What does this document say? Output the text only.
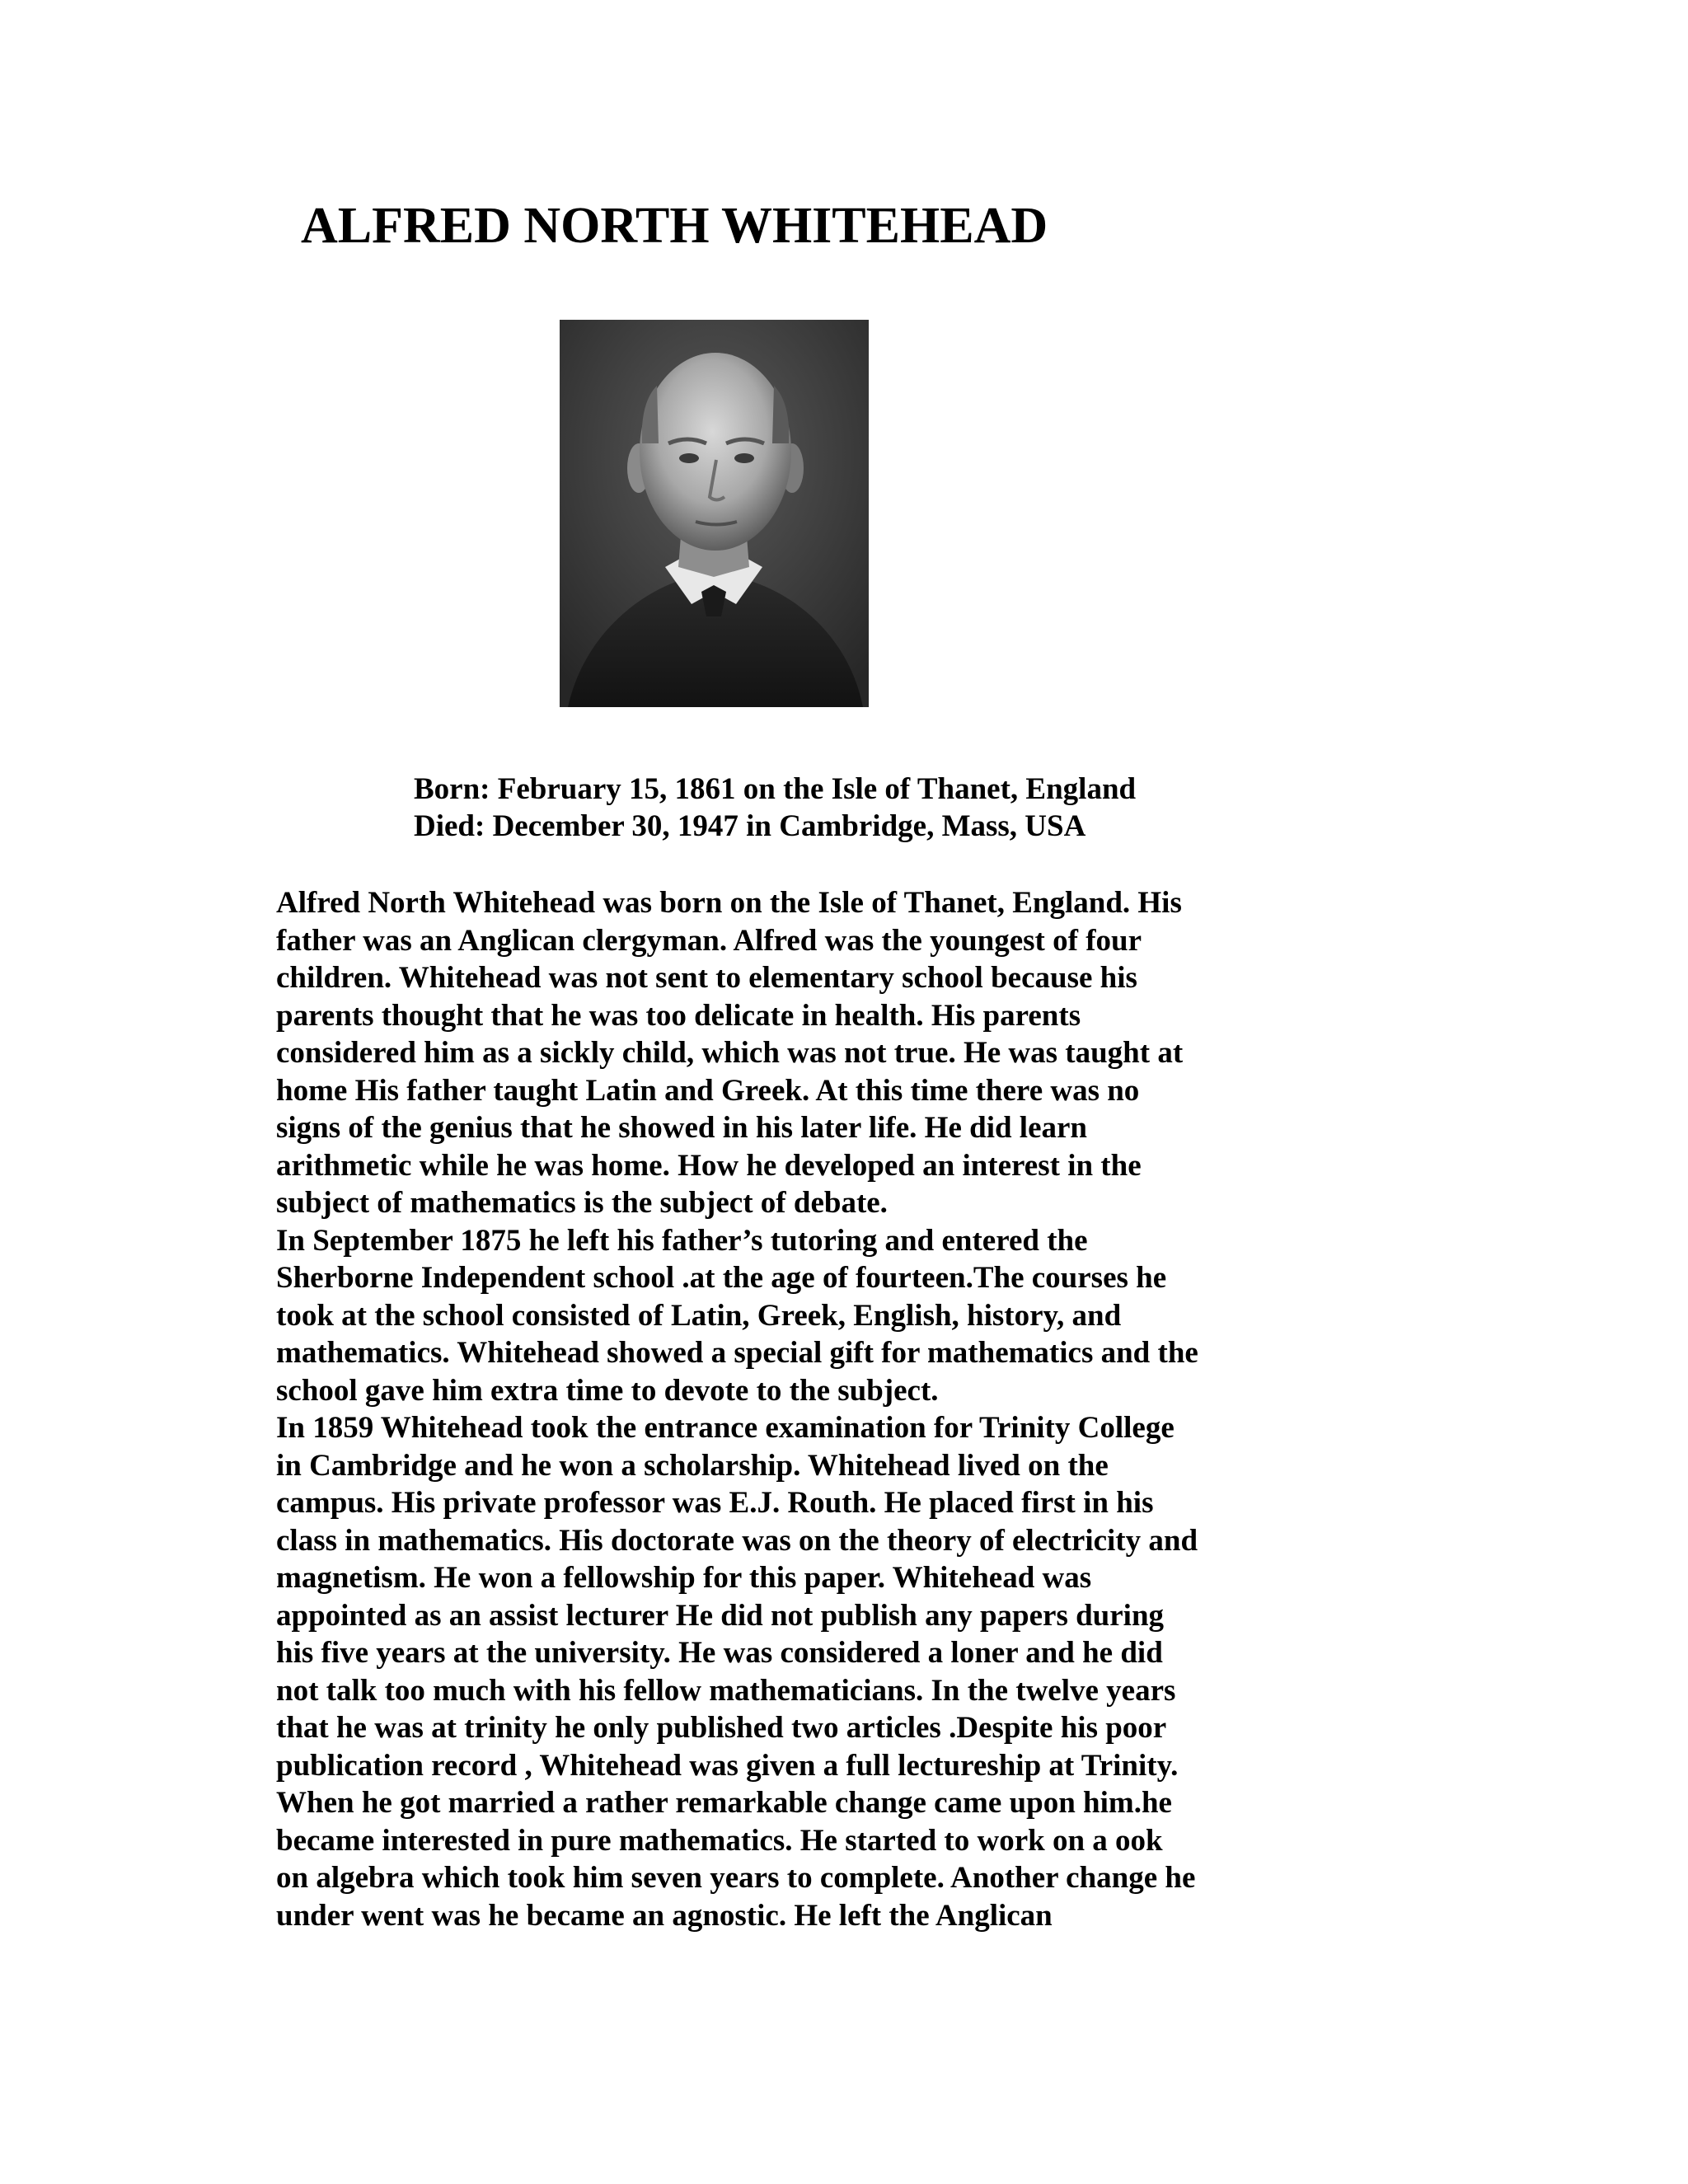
ALFRED NORTH WHITEHEAD
Born: February 15, 1861 on the Isle of Thanet, England
Died: December 30, 1947 in Cambridge, Mass, USA
Alfred North Whitehead was born on the Isle of Thanet, England. His
father was an Anglican clergyman. Alfred was the youngest of four
children. Whitehead was not sent to elementary school because his
parents thought that he was too delicate in health. His parents
considered him as a sickly child, which was not true. He was taught at
home His father taught Latin and Greek. At this time there was no
signs of the genius that he showed in his later life. He did learn
arithmetic while he was home. How he developed an interest in the
subject of mathematics is the subject of debate.
In September 1875 he left his father’s tutoring and entered the
Sherborne Independent school .at the age of fourteen.The courses he
took at the school consisted of Latin, Greek, English, history, and
mathematics. Whitehead showed a special gift for mathematics and the
school gave him extra time to devote to the subject.
In 1859 Whitehead took the entrance examination for Trinity College
in Cambridge and he won a scholarship. Whitehead lived on the
campus. His private professor was E.J. Routh. He placed first in his
class in mathematics. His doctorate was on the theory of electricity and
magnetism. He won a fellowship for this paper. Whitehead was
appointed as an assist lecturer He did not publish any papers during
his five years at the university. He was considered a loner and he did
not talk too much with his fellow mathematicians. In the twelve years
that he was at trinity he only published two articles .Despite his poor
publication record , Whitehead was given a full lectureship at Trinity.
When he got married a rather remarkable change came upon him.he
became interested in pure mathematics. He started to work on a ook
on algebra which took him seven years to complete. Another change he
under went was he became an agnostic. He left the Anglican
